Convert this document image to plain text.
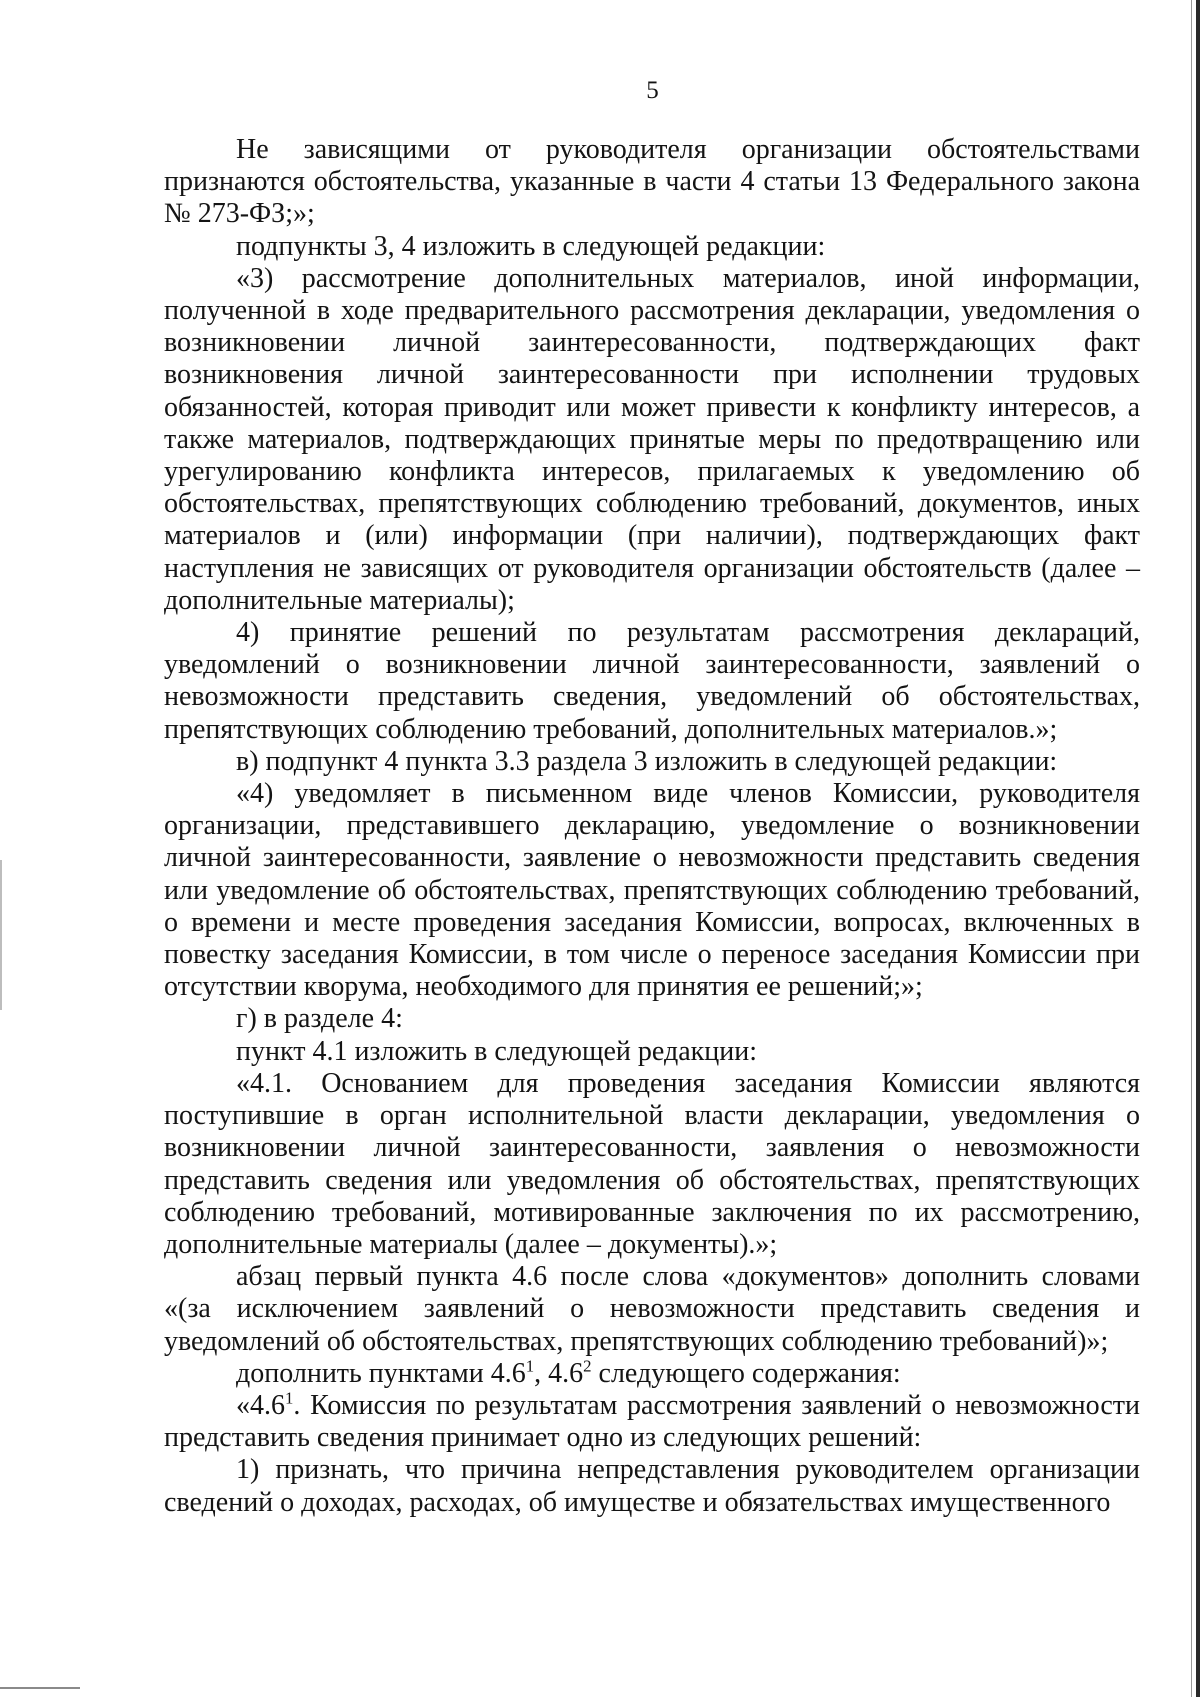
5

Не зависящими от руководителя организации обстоятельствами признаются обстоятельства, указанные в части 4 статьи 13 Федерального закона № 273-ФЗ;»;

подпункты 3, 4 изложить в следующей редакции:

«3) рассмотрение дополнительных материалов, иной информации, полученной в ходе предварительного рассмотрения декларации, уведомления о возникновении личной заинтересованности, подтверждающих факт возникновения личной заинтересованности при исполнении трудовых обязанностей, которая приводит или может привести к конфликту интересов, а также материалов, подтверждающих принятые меры по предотвращению или урегулированию конфликта интересов, прилагаемых к уведомлению об обстоятельствах, препятствующих соблюдению требований, документов, иных материалов и (или) информации (при наличии), подтверждающих факт наступления не зависящих от руководителя организации обстоятельств (далее – дополнительные материалы);

4) принятие решений по результатам рассмотрения деклараций, уведомлений о возникновении личной заинтересованности, заявлений о невозможности представить сведения, уведомлений об обстоятельствах, препятствующих соблюдению требований, дополнительных материалов.»;

в) подпункт 4 пункта 3.3 раздела 3 изложить в следующей редакции:

«4) уведомляет в письменном виде членов Комиссии, руководителя организации, представившего декларацию, уведомление о возникновении личной заинтересованности, заявление о невозможности представить сведения или уведомление об обстоятельствах, препятствующих соблюдению требований, о времени и месте проведения заседания Комиссии, вопросах, включенных в повестку заседания Комиссии, в том числе о переносе заседания Комиссии при отсутствии кворума, необходимого для принятия ее решений;»;

г) в разделе 4:

пункт 4.1 изложить в следующей редакции:

«4.1. Основанием для проведения заседания Комиссии являются поступившие в орган исполнительной власти декларации, уведомления о возникновении личной заинтересованности, заявления о невозможности представить сведения или уведомления об обстоятельствах, препятствующих соблюдению требований, мотивированные заключения по их рассмотрению, дополнительные материалы (далее – документы).»;

абзац первый пункта 4.6 после слова «документов» дополнить словами «(за исключением заявлений о невозможности представить сведения и уведомлений об обстоятельствах, препятствующих соблюдению требований)»;

дополнить пунктами $4.6^1$, $4.6^2$ следующего содержания:

«$4.6^1$. Комиссия по результатам рассмотрения заявлений о невозможности представить сведения принимает одно из следующих решений:

1) признать, что причина непредставления руководителем организации сведений о доходах, расходах, об имуществе и обязательствах имущественного
